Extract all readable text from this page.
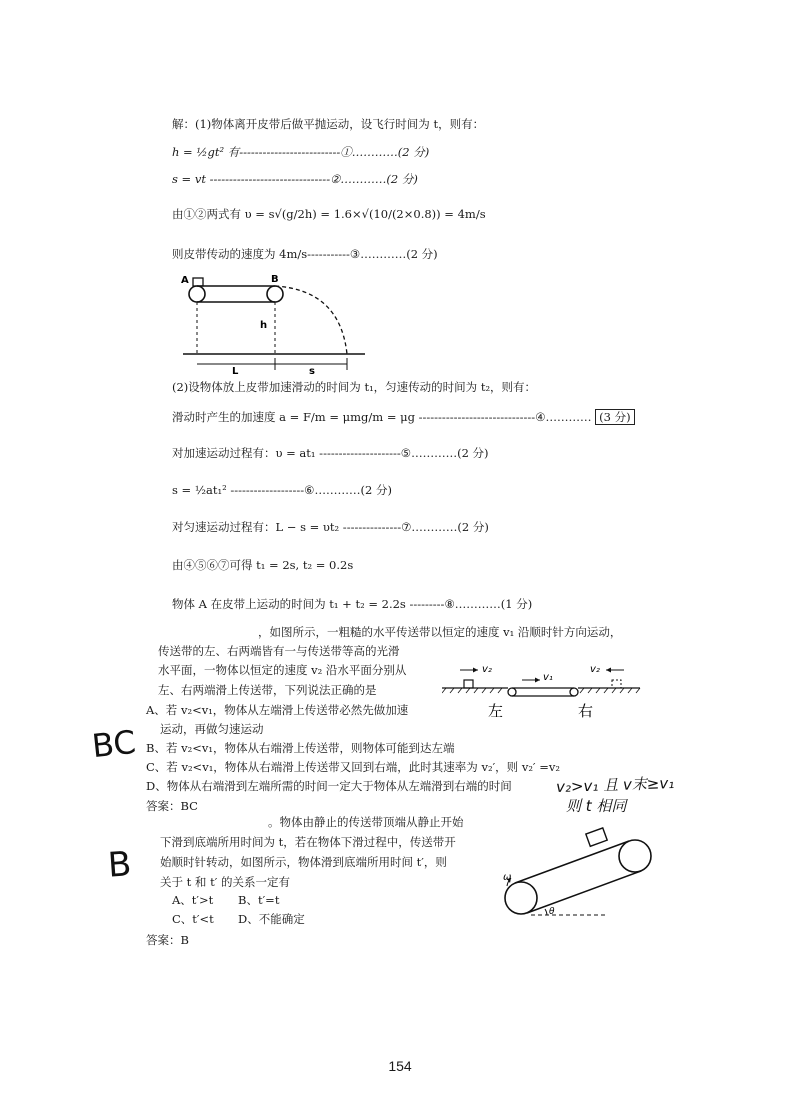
解：(1)物体离开皮带后做平抛运动，设飞行时间为 t，则有：
h = ½gt² 有--------------------------①…………(2 分)
s = vt -------------------------------②…………(2 分)
由①②两式有 υ = s√(g/2h) = 1.6×√(10/(2×0.8)) = 4m/s
则皮带传动的速度为 4m/s-----------③…………(2 分)
A	B
h
L	s
(2)设物体放上皮带加速滑动的时间为 t₁，匀速传动的时间为 t₂，则有：
滑动时产生的加速度 a = F/m = μmg/m = μg ------------------------------④………… (3 分)
对加速运动过程有：υ = at₁ ---------------------⑤…………(2 分)
s = ½at₁² -------------------⑥…………(2 分)
对匀速运动过程有：L − s = υt₂ ---------------⑦…………(2 分)
由④⑤⑥⑦可得 t₁ = 2s, t₂ = 0.2s
物体 A 在皮带上运动的时间为 t₁ + t₂ = 2.2s ---------⑧…………(1 分)
，如图所示，一粗糙的水平传送带以恒定的速度 v₁ 沿顺时针方向运动，
传送带的左、右两端皆有一与传送带等高的光滑
水平面，一物体以恒定的速度 v₂ 沿水平面分别从
左、右两端滑上传送带，下列说法正确的是
A、若 v₂<v₁，物体从左端滑上传送带必然先做加速
运动，再做匀速运动
B、若 v₂<v₁，物体从右端滑上传送带，则物体可能到达左端
C、若 v₂<v₁，物体从右端滑上传送带又回到右端，此时其速率为 v₂′，则 v₂′ =v₂
D、物体从右端滑到左端所需的时间一定大于物体从左端滑到右端的时间
答案：BC
v₂
v₁
v₂
左	右
。物体由静止的传送带顶端从静止开始
下滑到底端所用时间为 t，若在物体下滑过程中，传送带开
始顺时针转动，如图所示，物体滑到底端所用时间 t′，则
关于 t 和 t′ 的关系一定有
A、t′>t B、t′=t
C、t′<t D、不能确定
答案：B
ω
θ
BC
B
v₂>v₁ 且 v末≥v₁
则 t 相同
154
